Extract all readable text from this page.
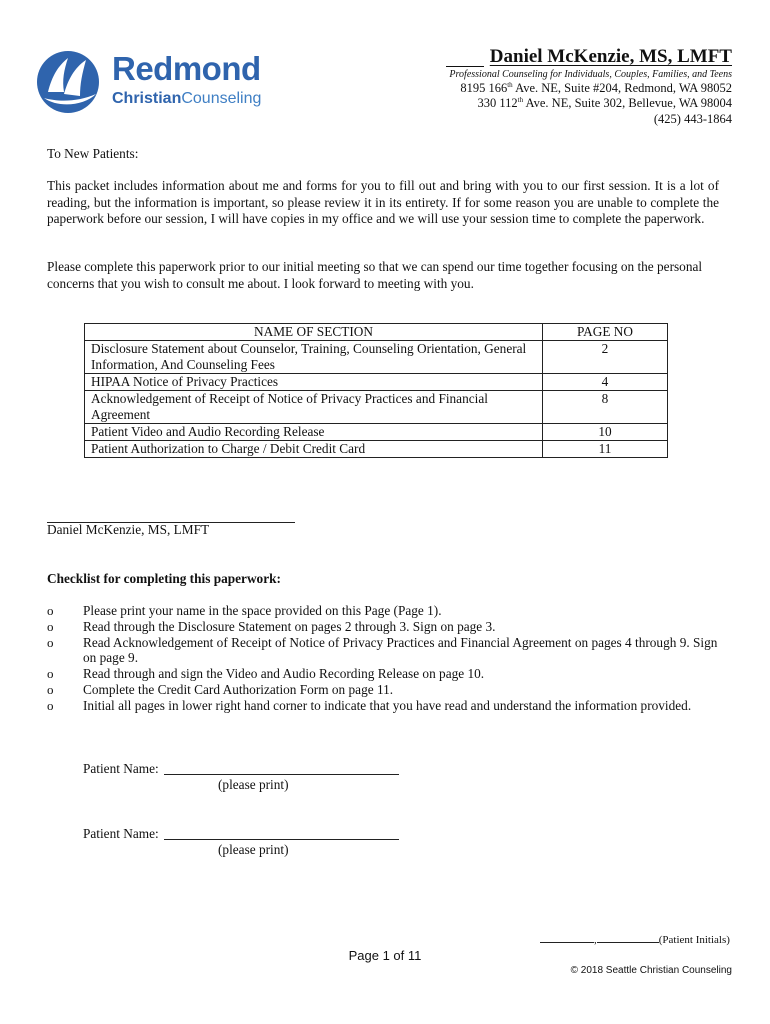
Redmond
ChristianCounseling
Daniel McKenzie, MS, LMFT
Professional Counseling for Individuals, Couples, Families, and Teens
8195 166th Ave. NE, Suite #204, Redmond, WA 98052
330 112th Ave. NE, Suite 302, Bellevue, WA 98004
(425) 443-1864
To New Patients:
This packet includes information about me and forms for you to fill out and bring with you to our first session. It is a lot of reading, but the information is important, so please review it in its entirety. If for some reason you are unable to complete the paperwork before our session, I will have copies in my office and we will use your session time to complete the paperwork.
Please complete this paperwork prior to our initial meeting so that we can spend our time together focusing on the personal concerns that you wish to consult me about. I look forward to meeting with you.
NAME OF SECTION	PAGE NO
Disclosure Statement about Counselor, Training, Counseling Orientation, General Information, And Counseling Fees	2
HIPAA Notice of Privacy Practices	4
Acknowledgement of Receipt of Notice of Privacy Practices and Financial Agreement	8
Patient Video and Audio Recording Release	10
Patient Authorization to Charge / Debit Credit Card	11
Daniel McKenzie, MS, LMFT
Checklist for completing this paperwork:
o Please print your name in the space provided on this Page (Page 1).
o Read through the Disclosure Statement on pages 2 through 3. Sign on page 3.
o Read Acknowledgement of Receipt of Notice of Privacy Practices and Financial Agreement on pages 4 through 9. Sign on page 9.
o Read through and sign the Video and Audio Recording Release on page 10.
o Complete the Credit Card Authorization Form on page 11.
o Initial all pages in lower right hand corner to indicate that you have read and understand the information provided.
Patient Name:
(please print)
Patient Name:
(please print)
,	(Patient Initials)
Page 1 of 11
© 2018 Seattle Christian Counseling
